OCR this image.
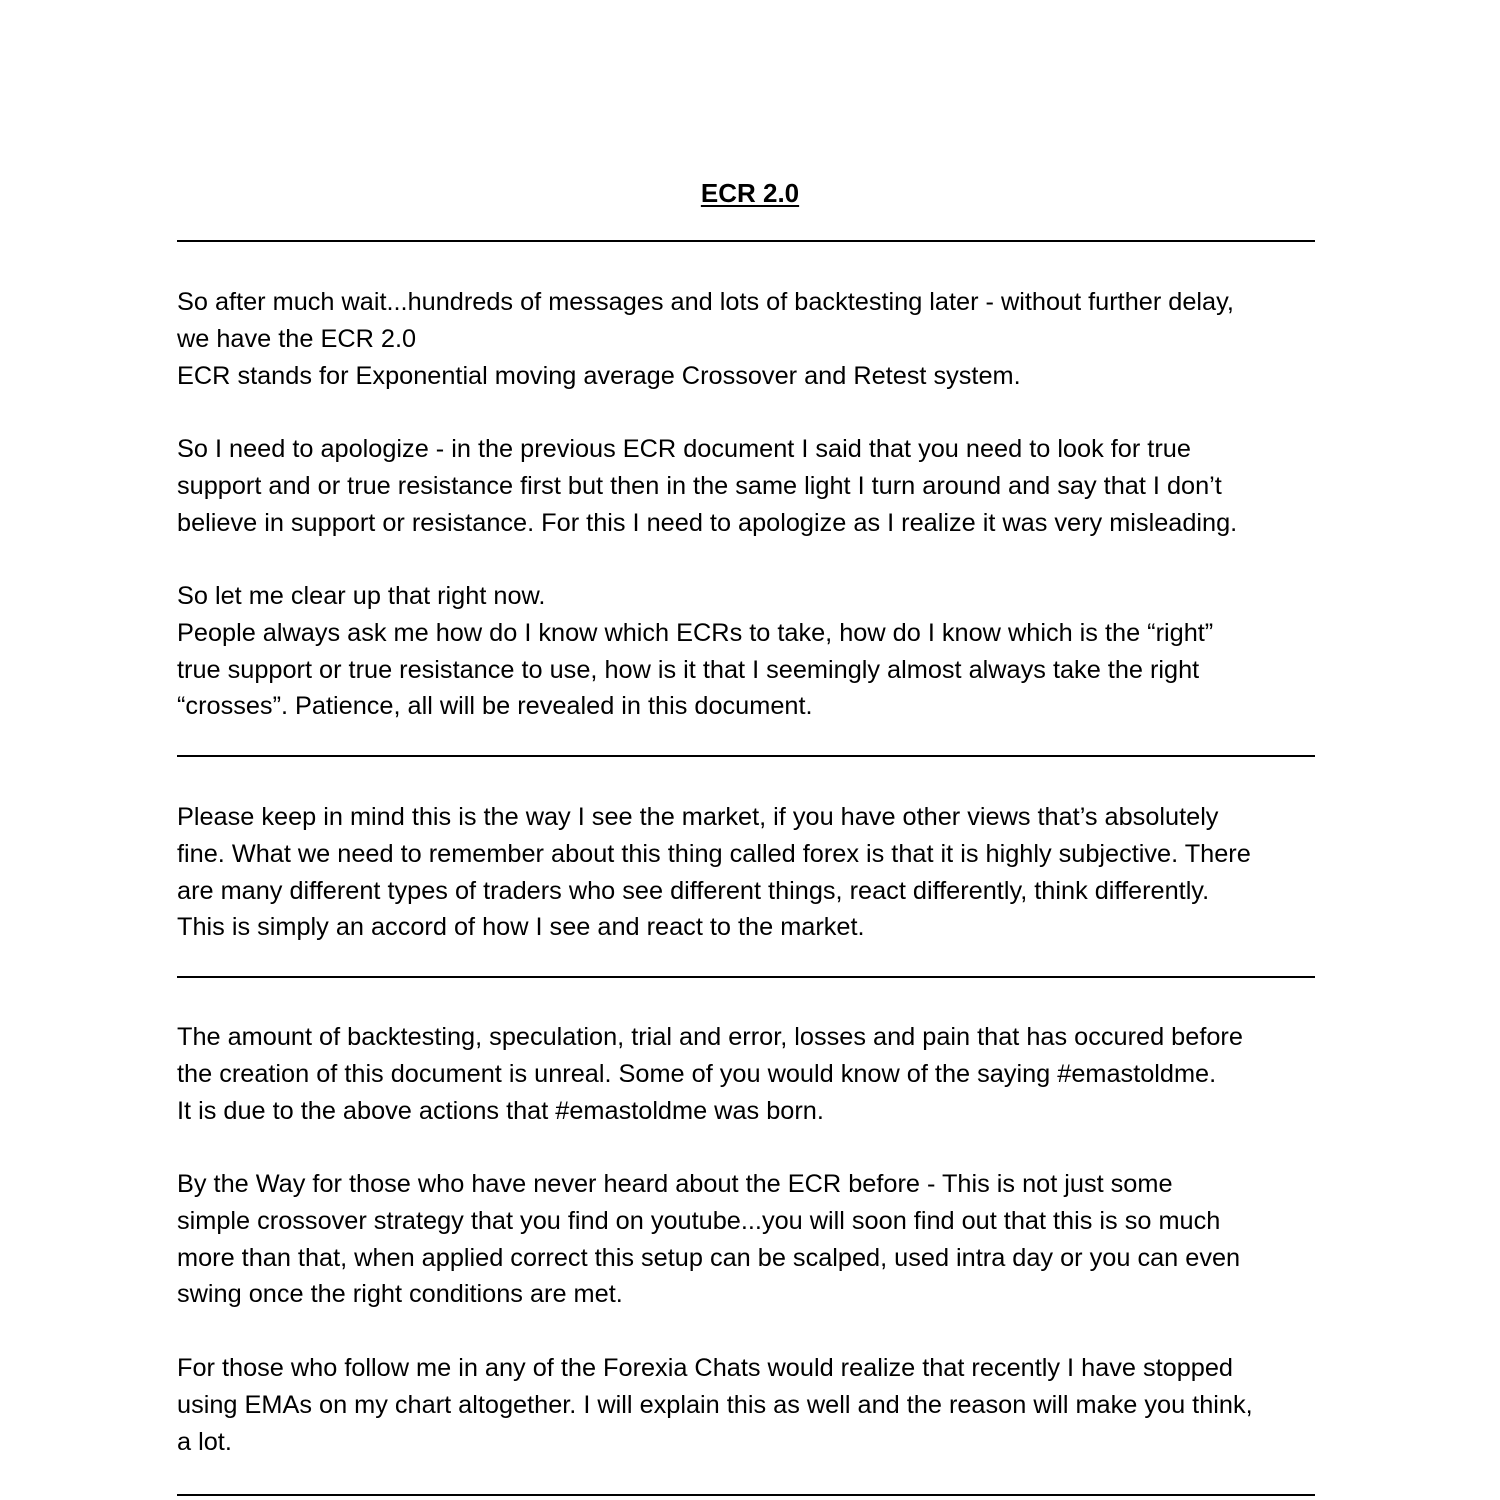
ECR 2.0
So after much wait...hundreds of messages and lots of backtesting later - without further delay,
we have the ECR 2.0
ECR stands for Exponential moving average Crossover and Retest system.
So I need to apologize - in the previous ECR document I said that you need to look for true
support and or true resistance first but then in the same light I turn around and say that I don’t
believe in support or resistance. For this I need to apologize as I realize it was very misleading.
So let me clear up that right now.
People always ask me how do I know which ECRs to take, how do I know which is the “right”
true support or true resistance to use, how is it that I seemingly almost always take the right
“crosses”. Patience, all will be revealed in this document.
Please keep in mind this is the way I see the market, if you have other views that’s absolutely
fine. What we need to remember about this thing called forex is that it is highly subjective. There
are many different types of traders who see different things, react differently, think differently.
This is simply an accord of how I see and react to the market.
The amount of backtesting, speculation, trial and error, losses and pain that has occured before
the creation of this document is unreal. Some of you would know of the saying #emastoldme.
It is due to the above actions that #emastoldme was born.
By the Way for those who have never heard about the ECR before - This is not just some
simple crossover strategy that you find on youtube...you will soon find out that this is so much
more than that, when applied correct this setup can be scalped, used intra day or you can even
swing once the right conditions are met.
For those who follow me in any of the Forexia Chats would realize that recently I have stopped
using EMAs on my chart altogether. I will explain this as well and the reason will make you think,
a lot.
